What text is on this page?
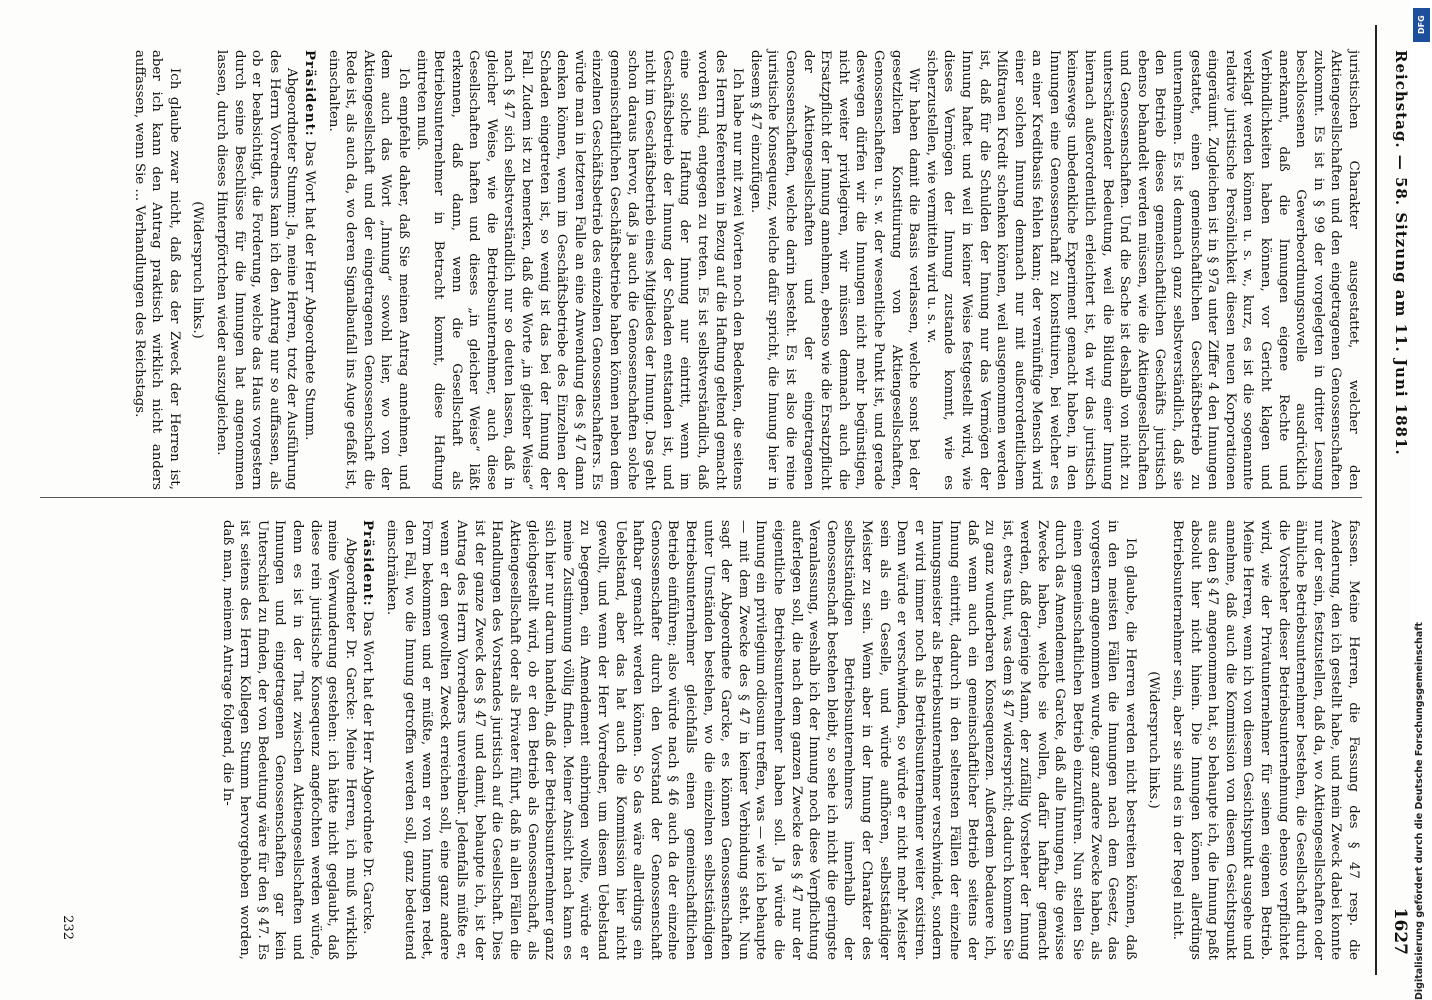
Reichstag. — 58. Sitzung am 11. Juni 1881.
1627

juristischen Charakter ausgestattet, welcher den Aktiengesellschaften und den eingetragenen Genossenschaften zukommt. Es ist in § 99 der vorgelegten in dritter Lesung beschlossenen Gewerbeordnungsnovelle ausdrücklich anerkannt, daß die Innungen eigene Rechte und Verbindlichkeiten haben können, vor Gericht klagen und verklagt werden können u. s. w., kurz, es ist die sogenannte relative juristische Persönlichkeit diesen neuen Korporationen eingeräumt. Zugleichen ist in § 97a unter Ziffer 4 den Innungen gestattet, einen gemeinschaftlichen Geschäftsbetrieb zu unternehmen. Es ist demnach ganz selbstverständlich, daß sie den Betrieb dieses gemeinschaftlichen Geschäfts juristisch ebenso behandelt werden müssen, wie die Aktiengesellschaften und Genossenschaften. Und die Sache ist deshalb von nicht zu unterschätzender Bedeutung, weil die Bildung einer Innung hiernach außerordentlich erleichtert ist, da wir das juristisch keineswegs unbedenkliche Experiment gemacht haben, in den Innungen eine Genossenschaft zu konstituiren, bei welcher es an einer Kreditbasis fehlen kann; der vernünftige Mensch wird einer solchen Innung demnach nur mit außerordentlichem Mißtrauen Kredit schenken können, weil ausgenommen werden ist, daß für die Schulden der Innung nur das Vermögen der Innung haftet und weil in keiner Weise festgestellt wird, wie dieses Vermögen der Innung zustande kommt, wie es sicherzustellen, wie vermitteln wird u. s. w.

Wir haben damit die Basis verlassen, welche sonst bei der gesetzlichen Konstituirung von Aktiengesellschaften, Genossenschaften u. s. w. der wesentliche Punkt ist, und gerade deswegen dürfen wir die Innungen nicht mehr begünstigen, nicht weiter privilegiren, wir müssen demnach auch die Ersatzpflicht der Innung annehmen, ebenso wie die Ersatzpflicht der Aktiengesellschaften und der eingetragenen Genossenschaften, welche darin besteht. Es ist also die reine juristische Konsequenz, welche dafür spricht, die Innung hier in diesem § 47 einzufügen.

Ich habe nur mit zwei Worten noch den Bedenken, die seitens des Herrn Referenten in Bezug auf die Haftung geltend gemacht worden sind, entgegen zu treten. Es ist selbstverständlich, daß eine solche Haftung der Innung nur eintritt, wenn im Geschäftsbetrieb der Innung der Schaden entstanden ist, und nicht im Geschäftsbetrieb eines Mitgliedes der Innung. Das geht schon daraus hervor, daß ja auch die Genossenschaften solche gemeinschaftlichen Geschäftsbetriebe haben können neben dem einzelnen Geschäftsbetrieb des einzelnen Genossenschafters. Es würde man in letzteren Falle an eine Anwendung des § 47 dann denken können, wenn im Geschäftsbetriebe des Einzelnen der Schaden eingetreten ist, so wenig ist das bei der Innung der Fall. Zudem ist zu bemerken, daß die Worte „in gleicher Weise“ nach § 47 sich selbstverständlich nur so deuten lassen, daß in gleicher Weise, wie die Betriebsunternehmer, auch diese Gesellschaften haften und dieses „in gleicher Weise“ läßt erkennen, daß dann, wenn die Gesellschaft als Betriebsunternehmer in Betracht kommt, diese Haftung eintreten muß.

Ich empfehle daher, daß Sie meinen Antrag annehmen, und dem auch das Wort „Innung“ sowohl hier, wo von der Aktiengesellschaft und der eingetragenen Genossenschaft die Rede ist, als auch da, wo deren Signalbaufall ins Auge gefaßt ist, einschalten.

Präsident: Das Wort hat der Herr Abgeordnete Stumm.

Abgeordneter Stumm: Ja, meine Herren, trotz der Ausführung des Herrn Vorredners kann ich den Antrag nur so auffassen, als ob er beabsichtigt, die Forderung, welche das Haus vorgestern durch seine Beschlüsse für die Innungen hat angenommen lassen, durch dieses Hinterpförtchen wieder auszugleichen.

(Widerspruch links.)

Ich glaube zwar nicht, daß das der Zweck der Herren ist, aber ich kann den Antrag praktisch wirklich nicht anders auffassen, wenn Sie ... Verhandlungen des Reichstags.

fassen. Meine Herren, die Fassung des § 47 resp. die Aenderung, den ich gestellt habe, und mein Zweck dabei konnte nur der sein, festzustellen, daß da, wo Aktiengesellschaften oder ähnliche Betriebsunternehmer bestehen, die Gesellschaft durch die Vorsteher dieser Betriebsunternehmung ebenso verpflichtet wird, wie der Privatunternehmer für seinen eigenen Betrieb. Meine Herren, wenn ich von diesem Gesichtspunkt ausgehe und annehme, daß auch die Kommission von diesem Gesichtspunkt aus den § 47 angenommen hat, so behaupte ich, die Innung paßt absolut hier nicht hinein. Die Innungen können allerdings Betriebsunternehmer sein, aber sie sind es in der Regel nicht.

(Widerspruch links.)

Ich glaube, die Herren werden nicht bestreiten können, daß in den meisten Fällen die Innungen nach dem Gesetz, das vorgestern angenommen wurde, ganz andere Zwecke haben, als einen gemeinschaftlichen Betrieb einzuführen. Nun stellen Sie durch das Amendement Garcke, daß alle Innungen, die gewisse Zwecke haben, welche sie wollen, dafür haftbar gemacht werden, daß derjenige Mann, der zufällig Vorsteher der Innung ist, etwas thut, was dem § 47 widerspricht; dadurch kommen Sie zu ganz wunderbaren Konsequenzen. Außerdem bedauere ich, daß wenn auch ein gemeinschaftlicher Betrieb seitens der Innung eintritt, dadurch in den seltensten Fällen der einzelne Innungsmeister als Betriebsunternehmer verschwindet, sondern er wird immer noch als Betriebsunternehmer weiter existiren. Denn würde er verschwinden, so würde er nicht mehr Meister sein als ein Geselle, und würde aufhören, selbstständiger Meister zu sein. Wenn aber in der Innung der Charakter des selbstständigen Betriebsunternehmers innerhalb der Genossenschaft bestehen bleibt, so sehe ich nicht die geringste Veranlassung, weshalb ich der Innung noch diese Verpflichtung auferlegen soll, die nach dem ganzen Zwecke des § 47 nur der eigentliche Betriebsunternehmer haben soll. Ja würde die Innung ein privilegium odiosum treffen, was — wie ich behaupte — mit dem Zwecke des § 47 in keiner Verbindung steht. Nun sagt der Abgeordnete Garcke, es können Genossenschaften unter Umständen bestehen, wo die einzelnen selbstständigen Betriebsunternehmer gleichfalls einen gemeinschaftlichen Betrieb einführen; also würde nach § 46 auch da der einzelne Genossenschafter durch den Vorstand der Genossenschaft haftbar gemacht werden können. So das wäre allerdings ein Uebelstand, aber das hat auch die Kommission hier nicht gewollt, und wenn der Herr Vorredner, um diesem Uebelstand zu begegnen, ein Amendement einbringen wollte, würde er meine Zustimmung völlig finden. Meiner Ansicht nach kann es sich hier nur darum handeln, daß der Betriebsunternehmer ganz gleichgestellt wird, ob er den Betrieb als Genossenschaft, als Aktiengesellschaft oder als Privater führt, daß in allen Fällen die Handlungen des Vorstandes juristisch auf die Gesellschaft. Dies ist der ganze Zweck des § 47 und damit, behaupte ich, ist der Antrag des Herrn Vorredners unvereinbar. Jedenfalls müßte er, wenn er den gewollten Zweck erreichen soll, eine ganz andere Form bekommen und er müßte, wenn er von Innungen redet, den Fall, wo die Innung getroffen werden soll, ganz bedeutend einschränken.

Präsident: Das Wort hat der Herr Abgeordnete Dr. Garcke.

Abgeordneter Dr. Garcke: Meine Herren, ich muß wirklich meine Verwunderung gestehen: ich hätte nicht geglaubt, daß diese rein juristische Konsequenz angefochten werden würde, denn es ist in der That zwischen Aktiengesellschaften und Innungen und eingetragenen Genossenschaften gar kein Unterschied zu finden, der von Bedeutung wäre für den § 47. Es ist seitens des Herrn Kollegen Stumm hervorgehoben worden, daß man, meinem Antrage folgend, die In-

232
DFG
Digitalisierung gefördert durch die Deutsche Forschungsgemeinschaft
